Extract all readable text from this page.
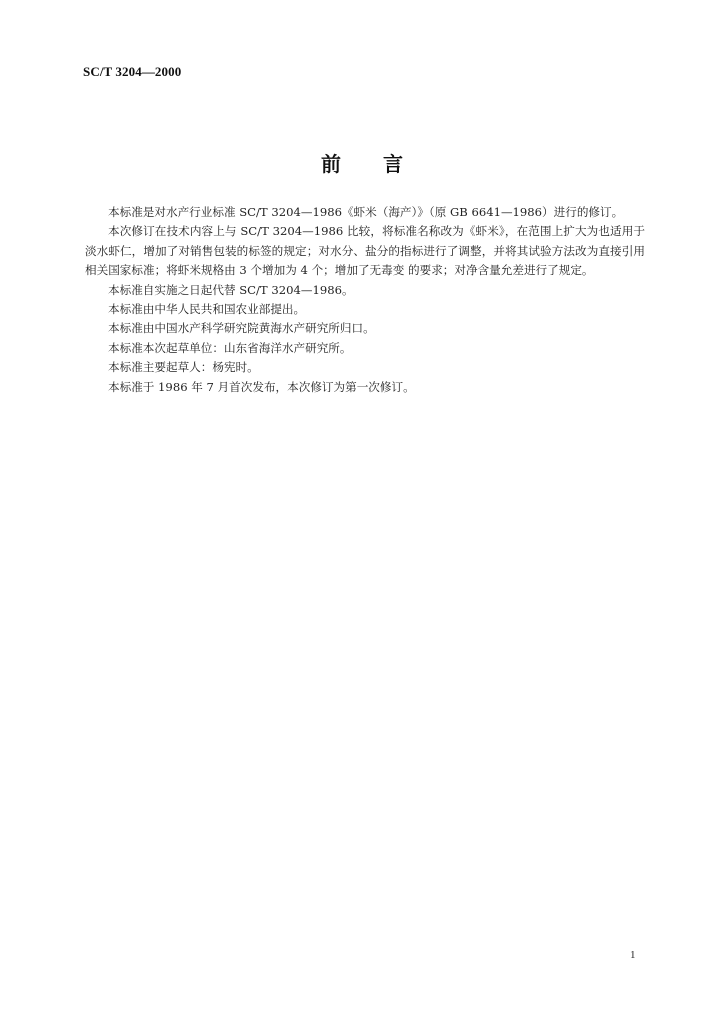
SC/T 3204—2000
前 言

本标准是对水产行业标准 SC/T 3204—1986《虾米（海产）》（原 GB 6641—1986）进行的修订。

本次修订在技术内容上与 SC/T 3204—1986 比较，将标准名称改为《虾米》，在范围上扩大为也适用于淡水虾仁，增加了对销售包装的标签的规定；对水分、盐分的指标进行了调整，并将其试验方法改为直接引用相关国家标准；将虾米规格由 3 个增加为 4 个；增加了无毒变 的要求；对净含量允差进行了规定。

本标准自实施之日起代替 SC/T 3204—1986。

本标准由中华人民共和国农业部提出。

本标准由中国水产科学研究院黄海水产研究所归口。

本标准本次起草单位：山东省海洋水产研究所。

本标准主要起草人：杨宪时。

本标准于 1986 年 7 月首次发布，本次修订为第一次修订。

1
